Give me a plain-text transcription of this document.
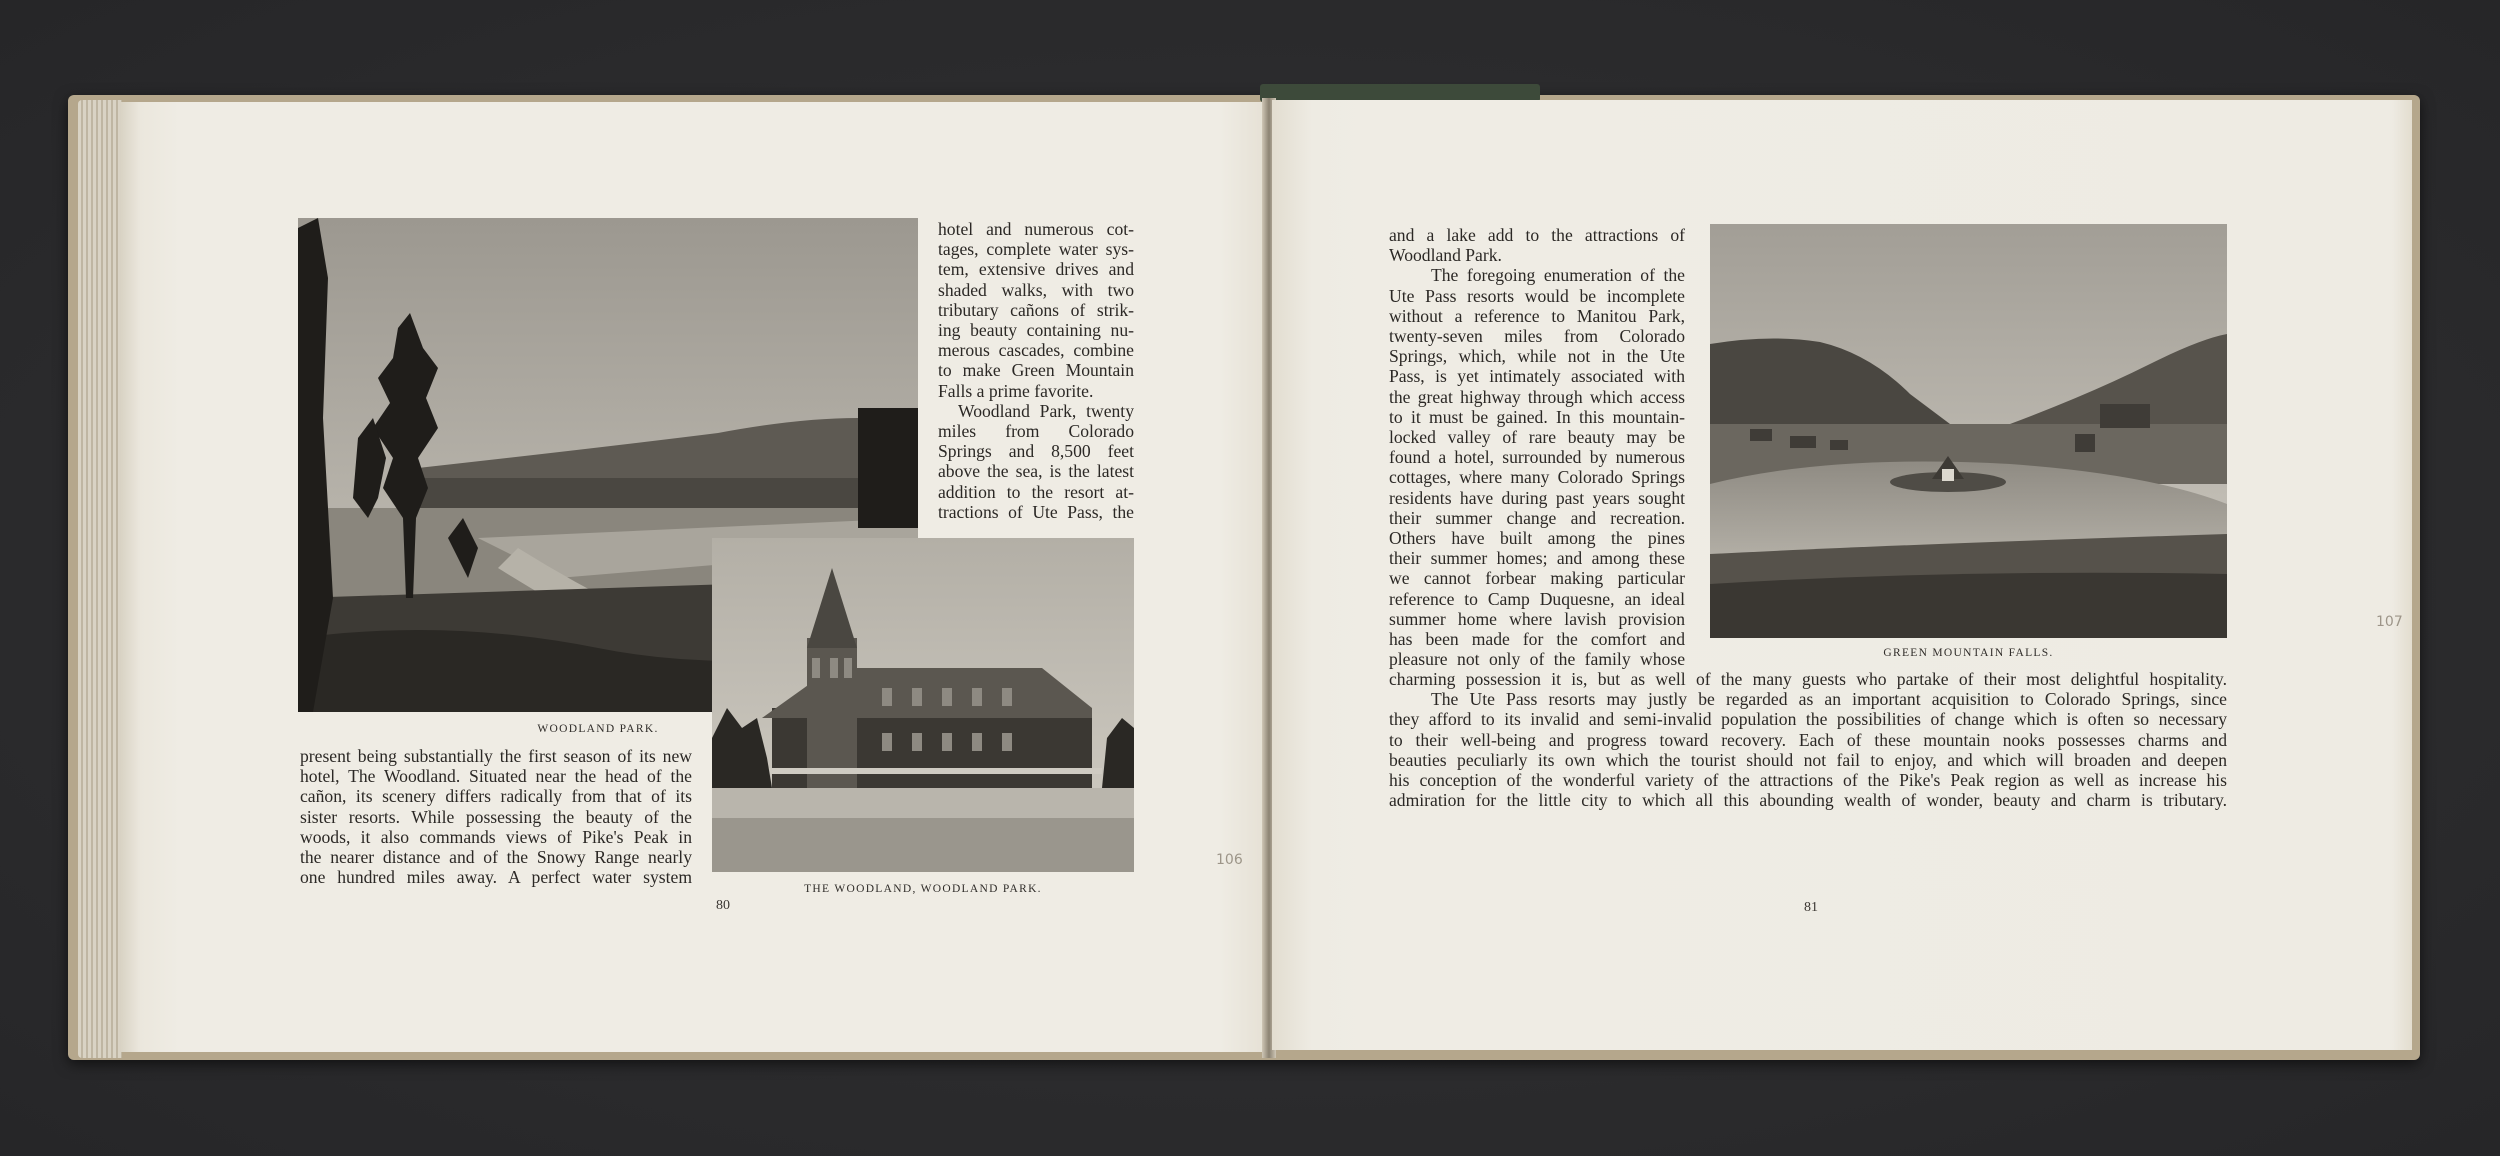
WOODLAND PARK.
THE WOODLAND, WOODLAND PARK.
hotel and numerous cot-
tages, complete water sys-
tem, extensive drives and
shaded walks, with two
tributary cañons of strik-
ing beauty containing nu-
merous cascades, combine
to make Green Mountain
Falls a prime favorite.
Woodland Park, twenty
miles from Colorado
Springs and 8,500 feet
above the sea, is the latest
addition to the resort at-
tractions of Ute Pass, the
present being substantially the first season of its new
hotel, The Woodland. Situated near the head of the
cañon, its scenery differs radically from that of its
sister resorts. While possessing the beauty of the
woods, it also commands views of Pike's Peak in
the nearer distance and of the Snowy Range nearly
one hundred miles away. A perfect water system
80
106
GREEN MOUNTAIN FALLS.
and a lake add to the attractions of
Woodland Park.
The foregoing enumeration of the
Ute Pass resorts would be incomplete
without a reference to Manitou Park,
twenty-seven miles from Colorado
Springs, which, while not in the Ute
Pass, is yet intimately associated with
the great highway through which access
to it must be gained. In this mountain-
locked valley of rare beauty may be
found a hotel, surrounded by numerous
cottages, where many Colorado Springs
residents have during past years sought
their summer change and recreation.
Others have built among the pines
their summer homes; and among these
we cannot forbear making particular
reference to Camp Duquesne, an ideal
summer home where lavish provision
has been made for the comfort and
pleasure not only of the family whose
charming possession it is, but as well of the many guests who partake of their most delightful hospitality.
The Ute Pass resorts may justly be regarded as an important acquisition to Colorado Springs, since
they afford to its invalid and semi-invalid population the possibilities of change which is often so necessary
to their well-being and progress toward recovery. Each of these mountain nooks possesses charms and
beauties peculiarly its own which the tourist should not fail to enjoy, and which will broaden and deepen
his conception of the wonderful variety of the attractions of the Pike's Peak region as well as increase his
admiration for the little city to which all this abounding wealth of wonder, beauty and charm is tributary.
81
107
